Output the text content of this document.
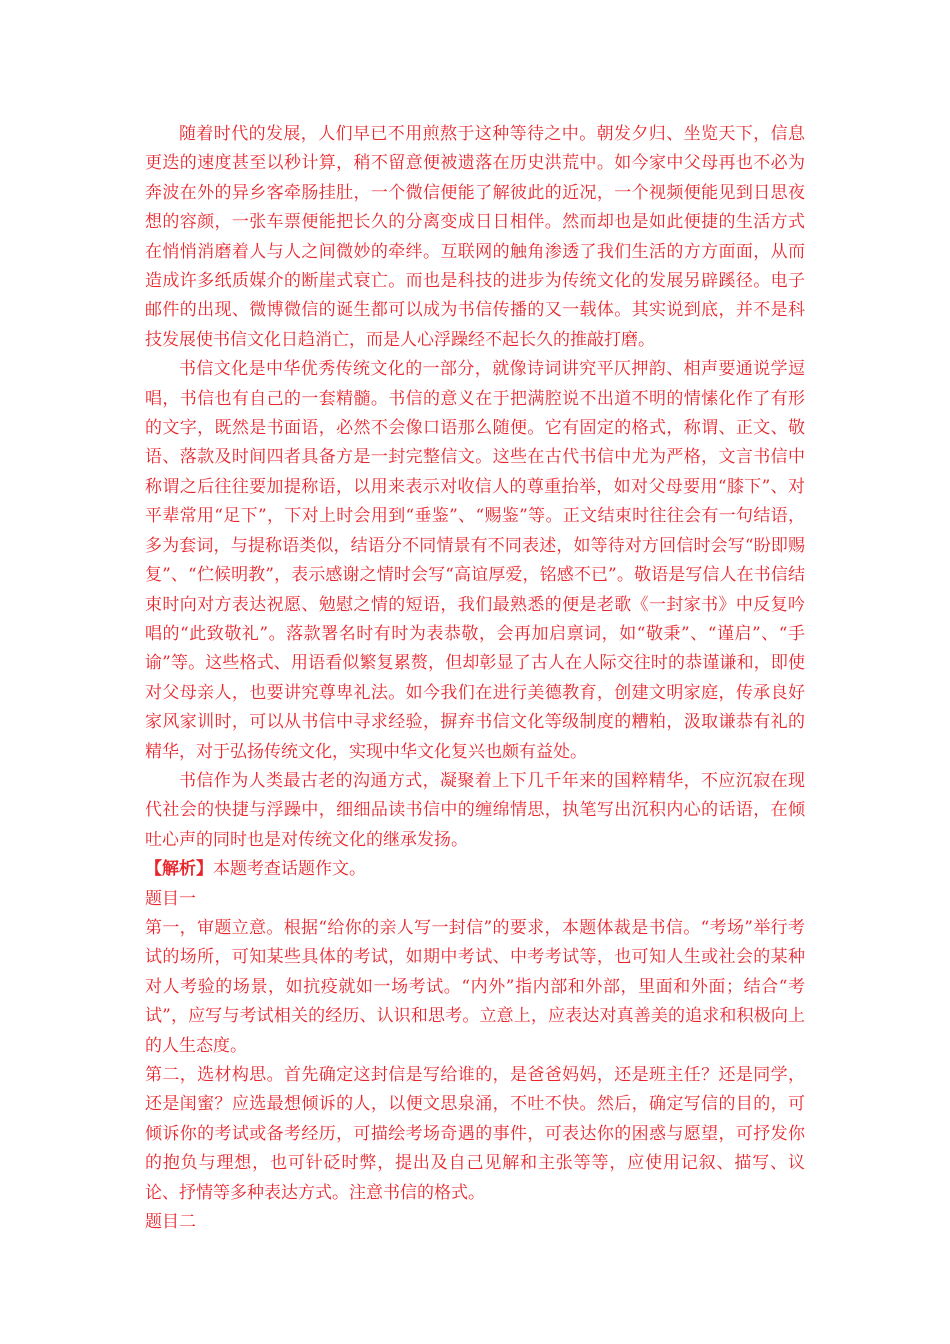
随着时代的发展，人们早已不用煎熬于这种等待之中。朝发夕归、坐览天下，信息更迭的速度甚至以秒计算，稍不留意便被遗落在历史洪荒中。如今家中父母再也不必为奔波在外的异乡客牵肠挂肚，一个微信便能了解彼此的近况，一个视频便能见到日思夜想的容颜，一张车票便能把长久的分离变成日日相伴。然而却也是如此便捷的生活方式在悄悄消磨着人与人之间微妙的牵绊。互联网的触角渗透了我们生活的方方面面，从而造成许多纸质媒介的断崖式衰亡。而也是科技的进步为传统文化的发展另辟蹊径。电子邮件的出现、微博微信的诞生都可以成为书信传播的又一载体。其实说到底，并不是科技发展使书信文化日趋消亡，而是人心浮躁经不起长久的推敲打磨。

书信文化是中华优秀传统文化的一部分，就像诗词讲究平仄押韵、相声要通说学逗唱，书信也有自己的一套精髓。书信的意义在于把满腔说不出道不明的情愫化作了有形的文字，既然是书面语，必然不会像口语那么随便。它有固定的格式，称谓、正文、敬语、落款及时间四者具备方是一封完整信文。这些在古代书信中尤为严格，文言书信中称谓之后往往要加提称语，以用来表示对收信人的尊重抬举，如对父母要用“膝下”、对平辈常用“足下”，下对上时会用到“垂鉴”、“赐鉴”等。正文结束时往往会有一句结语，多为套词，与提称语类似，结语分不同情景有不同表述，如等待对方回信时会写“盼即赐复”、“伫候明教”，表示感谢之情时会写“高谊厚爱，铭感不已”。敬语是写信人在书信结束时向对方表达祝愿、勉慰之情的短语，我们最熟悉的便是老歌《一封家书》中反复吟唱的“此致敬礼”。落款署名时有时为表恭敬，会再加启禀词，如“敬秉”、“谨启”、“手谕”等。这些格式、用语看似繁复累赘，但却彰显了古人在人际交往时的恭谨谦和，即使对父母亲人，也要讲究尊卑礼法。如今我们在进行美德教育，创建文明家庭，传承良好家风家训时，可以从书信中寻求经验，摒弃书信文化等级制度的糟粕，汲取谦恭有礼的精华，对于弘扬传统文化，实现中华文化复兴也颇有益处。

书信作为人类最古老的沟通方式，凝聚着上下几千年来的国粹精华，不应沉寂在现代社会的快捷与浮躁中，细细品读书信中的缠绵情思，执笔写出沉积内心的话语，在倾吐心声的同时也是对传统文化的继承发扬。

【解析】本题考查话题作文。

题目一

第一，审题立意。根据“给你的亲人写一封信”的要求，本题体裁是书信。“考场”举行考试的场所，可知某些具体的考试，如期中考试、中考考试等，也可知人生或社会的某种对人考验的场景，如抗疫就如一场考试。“内外”指内部和外部，里面和外面；结合“考试”，应写与考试相关的经历、认识和思考。立意上，应表达对真善美的追求和积极向上的人生态度。

第二，选材构思。首先确定这封信是写给谁的，是爸爸妈妈，还是班主任？还是同学，还是闺蜜？应选最想倾诉的人，以便文思泉涌，不吐不快。然后，确定写信的目的，可倾诉你的考试或备考经历，可描绘考场奇遇的事件，可表达你的困惑与愿望，可抒发你的抱负与理想，也可针砭时弊，提出及自己见解和主张等等，应使用记叙、描写、议论、抒情等多种表达方式。注意书信的格式。

题目二
